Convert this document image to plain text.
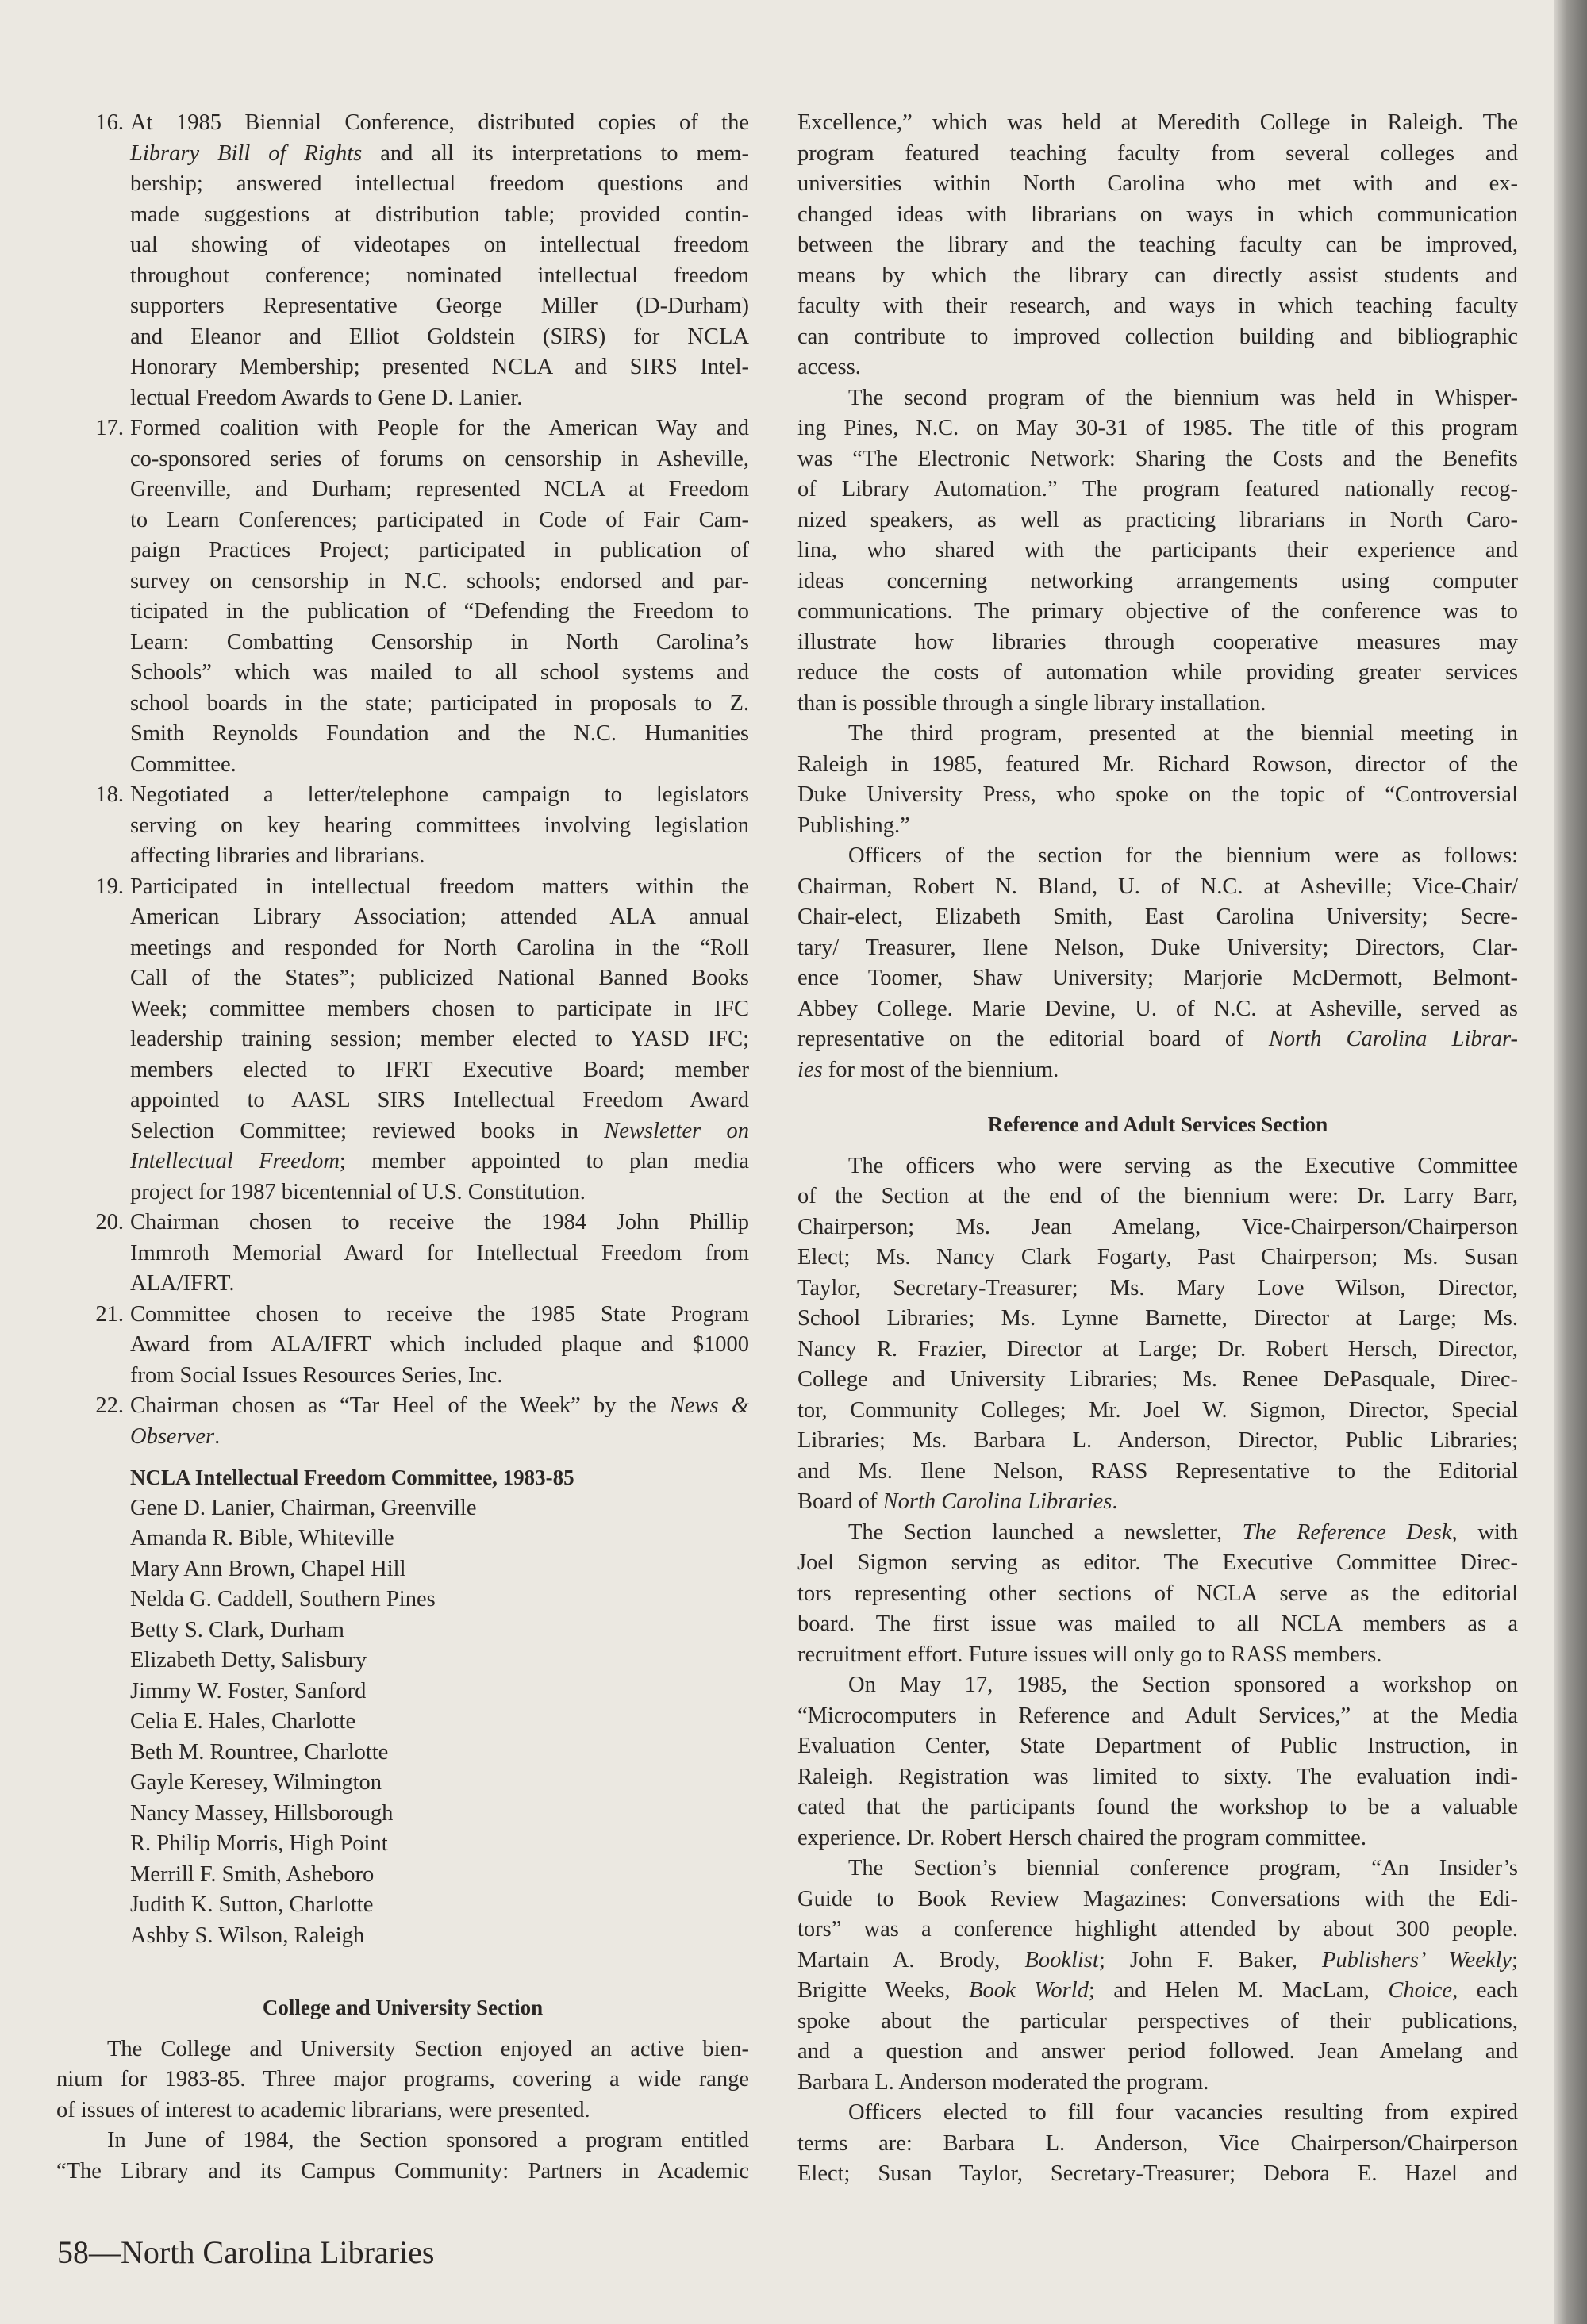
16. At 1985 Biennial Conference, distributed copies of the
Library Bill of Rights and all its interpretations to mem-
bership; answered intellectual freedom questions and
made suggestions at distribution table; provided contin-
ual showing of videotapes on intellectual freedom
throughout conference; nominated intellectual freedom
supporters Representative George Miller (D-Durham)
and Eleanor and Elliot Goldstein (SIRS) for NCLA
Honorary Membership; presented NCLA and SIRS Intel-
lectual Freedom Awards to Gene D. Lanier.
17. Formed coalition with People for the American Way and
co-sponsored series of forums on censorship in Asheville,
Greenville, and Durham; represented NCLA at Freedom
to Learn Conferences; participated in Code of Fair Cam-
paign Practices Project; participated in publication of
survey on censorship in N.C. schools; endorsed and par-
ticipated in the publication of “Defending the Freedom to
Learn: Combatting Censorship in North Carolina’s
Schools” which was mailed to all school systems and
school boards in the state; participated in proposals to Z.
Smith Reynolds Foundation and the N.C. Humanities
Committee.
18. Negotiated a letter/telephone campaign to legislators
serving on key hearing committees involving legislation
affecting libraries and librarians.
19. Participated in intellectual freedom matters within the
American Library Association; attended ALA annual
meetings and responded for North Carolina in the “Roll
Call of the States”; publicized National Banned Books
Week; committee members chosen to participate in IFC
leadership training session; member elected to YASD IFC;
members elected to IFRT Executive Board; member
appointed to AASL SIRS Intellectual Freedom Award
Selection Committee; reviewed books in Newsletter on
Intellectual Freedom; member appointed to plan media
project for 1987 bicentennial of U.S. Constitution.
20. Chairman chosen to receive the 1984 John Phillip
Immroth Memorial Award for Intellectual Freedom from
ALA/IFRT.
21. Committee chosen to receive the 1985 State Program
Award from ALA/IFRT which included plaque and $1000
from Social Issues Resources Series, Inc.
22. Chairman chosen as “Tar Heel of the Week” by the News &
Observer.
NCLA Intellectual Freedom Committee, 1983-85
Gene D. Lanier, Chairman, Greenville
Amanda R. Bible, Whiteville
Mary Ann Brown, Chapel Hill
Nelda G. Caddell, Southern Pines
Betty S. Clark, Durham
Elizabeth Detty, Salisbury
Jimmy W. Foster, Sanford
Celia E. Hales, Charlotte
Beth M. Rountree, Charlotte
Gayle Keresey, Wilmington
Nancy Massey, Hillsborough
R. Philip Morris, High Point
Merrill F. Smith, Asheboro
Judith K. Sutton, Charlotte
Ashby S. Wilson, Raleigh
College and University Section
The College and University Section enjoyed an active bien-
nium for 1983-85. Three major programs, covering a wide range
of issues of interest to academic librarians, were presented.
In June of 1984, the Section sponsored a program entitled
“The Library and its Campus Community: Partners in Academic
Excellence,” which was held at Meredith College in Raleigh. The
program featured teaching faculty from several colleges and
universities within North Carolina who met with and ex-
changed ideas with librarians on ways in which communication
between the library and the teaching faculty can be improved,
means by which the library can directly assist students and
faculty with their research, and ways in which teaching faculty
can contribute to improved collection building and bibliographic
access.
The second program of the biennium was held in Whisper-
ing Pines, N.C. on May 30-31 of 1985. The title of this program
was “The Electronic Network: Sharing the Costs and the Benefits
of Library Automation.” The program featured nationally recog-
nized speakers, as well as practicing librarians in North Caro-
lina, who shared with the participants their experience and
ideas concerning networking arrangements using computer
communications. The primary objective of the conference was to
illustrate how libraries through cooperative measures may
reduce the costs of automation while providing greater services
than is possible through a single library installation.
The third program, presented at the biennial meeting in
Raleigh in 1985, featured Mr. Richard Rowson, director of the
Duke University Press, who spoke on the topic of “Controversial
Publishing.”
Officers of the section for the biennium were as follows:
Chairman, Robert N. Bland, U. of N.C. at Asheville; Vice-Chair/
Chair-elect, Elizabeth Smith, East Carolina University; Secre-
tary/ Treasurer, Ilene Nelson, Duke University; Directors, Clar-
ence Toomer, Shaw University; Marjorie McDermott, Belmont-
Abbey College. Marie Devine, U. of N.C. at Asheville, served as
representative on the editorial board of North Carolina Librar-
ies for most of the biennium.
Reference and Adult Services Section
The officers who were serving as the Executive Committee
of the Section at the end of the biennium were: Dr. Larry Barr,
Chairperson; Ms. Jean Amelang, Vice-Chairperson/Chairperson
Elect; Ms. Nancy Clark Fogarty, Past Chairperson; Ms. Susan
Taylor, Secretary-Treasurer; Ms. Mary Love Wilson, Director,
School Libraries; Ms. Lynne Barnette, Director at Large; Ms.
Nancy R. Frazier, Director at Large; Dr. Robert Hersch, Director,
College and University Libraries; Ms. Renee DePasquale, Direc-
tor, Community Colleges; Mr. Joel W. Sigmon, Director, Special
Libraries; Ms. Barbara L. Anderson, Director, Public Libraries;
and Ms. Ilene Nelson, RASS Representative to the Editorial
Board of North Carolina Libraries.
The Section launched a newsletter, The Reference Desk, with
Joel Sigmon serving as editor. The Executive Committee Direc-
tors representing other sections of NCLA serve as the editorial
board. The first issue was mailed to all NCLA members as a
recruitment effort. Future issues will only go to RASS members.
On May 17, 1985, the Section sponsored a workshop on
“Microcomputers in Reference and Adult Services,” at the Media
Evaluation Center, State Department of Public Instruction, in
Raleigh. Registration was limited to sixty. The evaluation indi-
cated that the participants found the workshop to be a valuable
experience. Dr. Robert Hersch chaired the program committee.
The Section’s biennial conference program, “An Insider’s
Guide to Book Review Magazines: Conversations with the Edi-
tors” was a conference highlight attended by about 300 people.
Martain A. Brody, Booklist; John F. Baker, Publishers’ Weekly;
Brigitte Weeks, Book World; and Helen M. MacLam, Choice, each
spoke about the particular perspectives of their publications,
and a question and answer period followed. Jean Amelang and
Barbara L. Anderson moderated the program.
Officers elected to fill four vacancies resulting from expired
terms are: Barbara L. Anderson, Vice Chairperson/Chairperson
Elect; Susan Taylor, Secretary-Treasurer; Debora E. Hazel and
58—North Carolina Libraries
